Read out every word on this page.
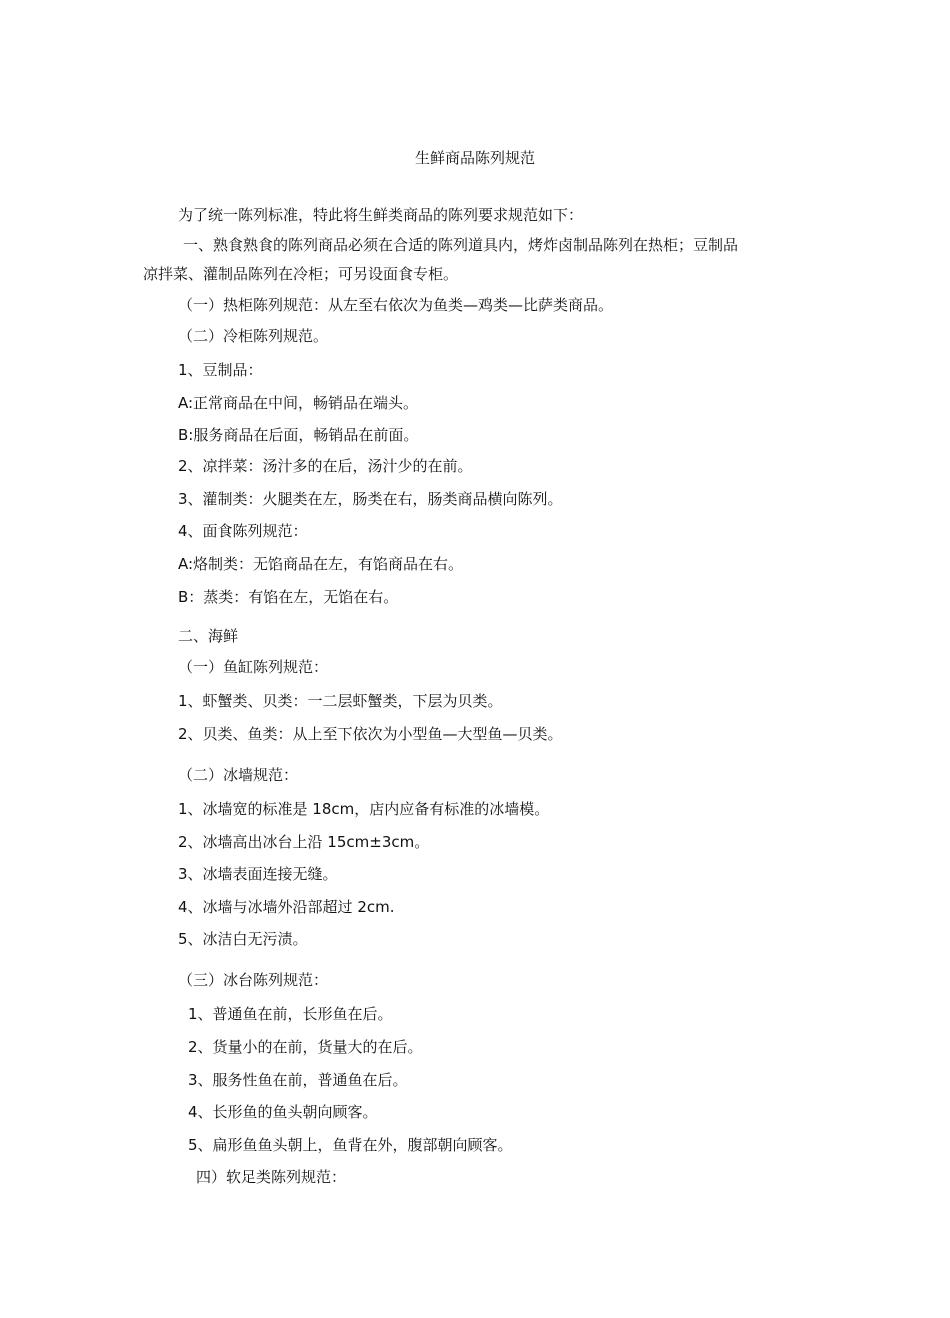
生鲜商品陈列规范
为了统一陈列标准，特此将生鲜类商品的陈列要求规范如下：
一、熟食熟食的陈列商品必须在合适的陈列道具内，烤炸卤制品陈列在热柜；豆制品
凉拌菜、灌制品陈列在冷柜；可另设面食专柜。
（一）热柜陈列规范：从左至右依次为鱼类—鸡类—比萨类商品。
（二）冷柜陈列规范。
1、豆制品：
A:正常商品在中间，畅销品在端头。
B:服务商品在后面，畅销品在前面。
2、凉拌菜：汤汁多的在后，汤汁少的在前。
3、灌制类：火腿类在左，肠类在右，肠类商品横向陈列。
4、面食陈列规范：
A:烙制类：无馅商品在左，有馅商品在右。
B：蒸类：有馅在左，无馅在右。
二、海鲜
（一）鱼缸陈列规范：
1、虾蟹类、贝类：一二层虾蟹类，下层为贝类。
2、贝类、鱼类：从上至下依次为小型鱼—大型鱼—贝类。
（二）冰墙规范：
1、冰墙宽的标准是 18cm，店内应备有标准的冰墙模。
2、冰墙高出冰台上沿 15cm±3cm。
3、冰墙表面连接无缝。
4、冰墙与冰墙外沿部超过 2cm.
5、冰洁白无污渍。
（三）冰台陈列规范：
1、普通鱼在前，长形鱼在后。
2、货量小的在前，货量大的在后。
3、服务性鱼在前，普通鱼在后。
4、长形鱼的鱼头朝向顾客。
5、扁形鱼鱼头朝上，鱼背在外，腹部朝向顾客。
四）软足类陈列规范：
